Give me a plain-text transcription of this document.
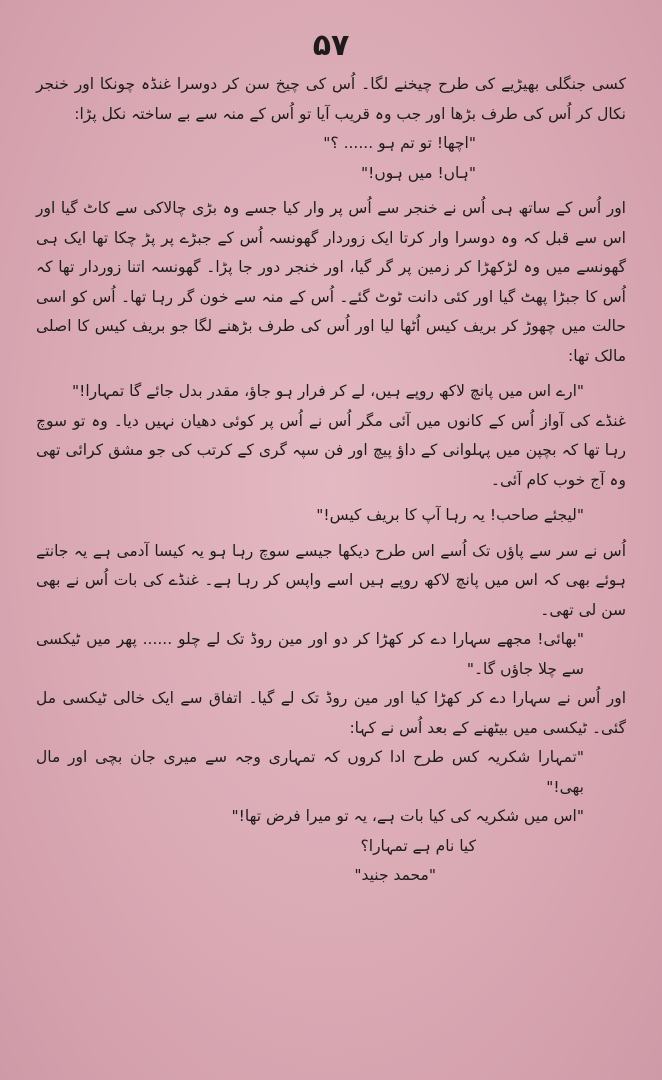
۵۷

کسی جنگلی بھیڑیے کی طرح چیخنے لگا۔ اُس کی چیخ سن کر دوسرا غنڈہ چونکا اور خنجر نکال کر اُس کی طرف بڑھا اور جب وہ قریب آیا تو اُس کے منہ سے بے ساختہ نکل پڑا:

"اچھا! تو تم ہو ...... ؟"

"ہاں! میں ہوں!"

اور اُس کے ساتھ ہی اُس نے خنجر سے اُس پر وار کیا جسے وہ بڑی چالاکی سے کاٹ گیا اور اس سے قبل کہ وہ دوسرا وار کرتا ایک زوردار گھونسہ اُس کے جبڑے پر پڑ چکا تھا ایک ہی گھونسے میں وہ لڑکھڑا کر زمین پر گر گیا، اور خنجر دور جا پڑا۔ گھونسہ اتنا زوردار تھا کہ اُس کا جبڑا پھٹ گیا اور کئی دانت ٹوٹ گئے۔ اُس کے منہ سے خون گر رہا تھا۔ اُس کو اسی حالت میں چھوڑ کر بریف کیس اُٹھا لیا اور اُس کی طرف بڑھنے لگا جو بریف کیس کا اصلی مالک تھا:

"ارے اس میں پانچ لاکھ روپے ہیں، لے کر فرار ہو جاؤ، مقدر بدل جائے گا تمہارا!"

غنڈے کی آواز اُس کے کانوں میں آئی مگر اُس نے اُس پر کوئی دھیان نہیں دیا۔ وہ تو سوچ رہا تھا کہ بچپن میں پہلوانی کے داؤ پیچ اور فن سپہ گری کے کرتب کی جو مشق کرائی تھی وہ آج خوب کام آئی۔

"لیجئے صاحب! یہ رہا آپ کا بریف کیس!"

اُس نے سر سے پاؤں تک اُسے اس طرح دیکھا جیسے سوچ رہا ہو یہ کیسا آدمی ہے یہ جانتے ہوئے بھی کہ اس میں پانچ لاکھ روپے ہیں اسے واپس کر رہا ہے۔ غنڈے کی بات اُس نے بھی سن لی تھی۔

"بھائی! مجھے سہارا دے کر کھڑا کر دو اور مین روڈ تک لے چلو ...... پھر میں ٹیکسی سے چلا جاؤں گا۔"

اور اُس نے سہارا دے کر کھڑا کیا اور مین روڈ تک لے گیا۔ اتفاق سے ایک خالی ٹیکسی مل گئی۔ ٹیکسی میں بیٹھنے کے بعد اُس نے کہا:

"تمہارا شکریہ کس طرح ادا کروں کہ تمہاری وجہ سے میری جان بچی اور مال بھی!"

"اس میں شکریہ کی کیا بات ہے، یہ تو میرا فرض تھا!"

کیا نام ہے تمہارا؟

"محمد جنید"
